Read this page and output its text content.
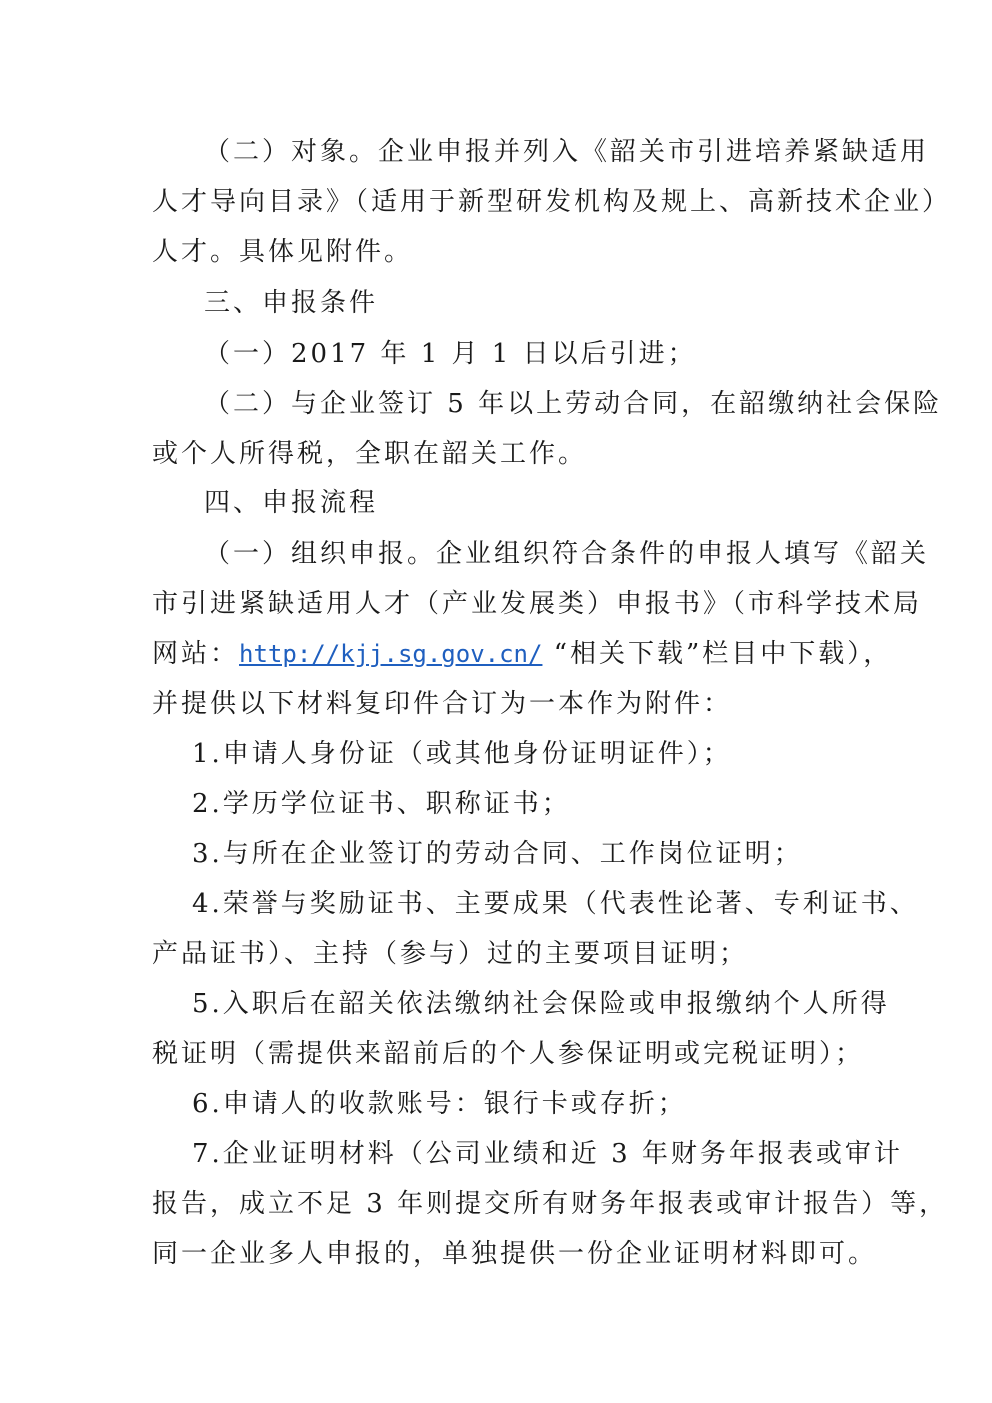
（二）对象。企业申报并列入《韶关市引进培养紧缺适用
人才导向目录》（适用于新型研发机构及规上、高新技术企业）
人才。具体见附件。
三、申报条件
（一）2017 年 1 月 1 日以后引进；
（二）与企业签订 5 年以上劳动合同，在韶缴纳社会保险
或个人所得税，全职在韶关工作。
四、申报流程
（一）组织申报。企业组织符合条件的申报人填写《韶关
市引进紧缺适用人才（产业发展类）申报书》（市科学技术局
网站：http://kjj.sg.gov.cn/ “相关下载”栏目中下载），
并提供以下材料复印件合订为一本作为附件：
1.申请人身份证（或其他身份证明证件）；
2.学历学位证书、职称证书；
3.与所在企业签订的劳动合同、工作岗位证明；
4.荣誉与奖励证书、主要成果（代表性论著、专利证书、
产品证书）、主持（参与）过的主要项目证明；
5.入职后在韶关依法缴纳社会保险或申报缴纳个人所得
税证明（需提供来韶前后的个人参保证明或完税证明）；
6.申请人的收款账号：银行卡或存折；
7.企业证明材料（公司业绩和近 3 年财务年报表或审计
报告，成立不足 3 年则提交所有财务年报表或审计报告）等，
同一企业多人申报的，单独提供一份企业证明材料即可。
